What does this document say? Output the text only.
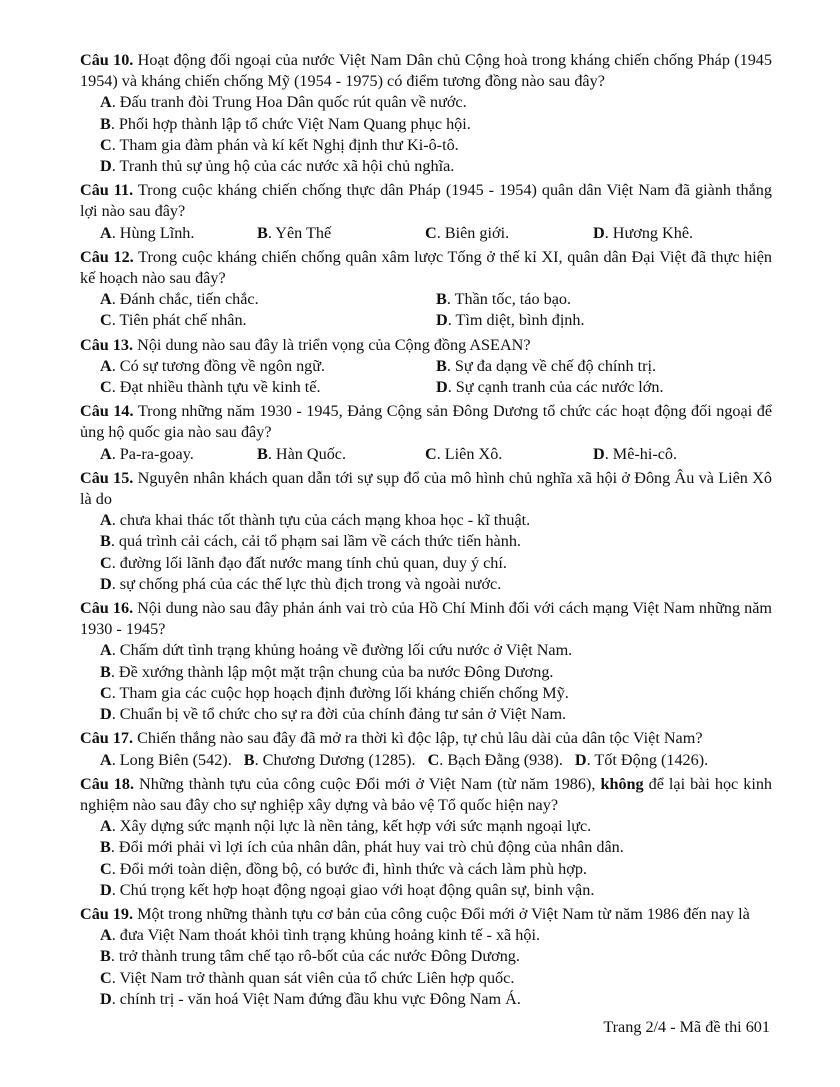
Câu 10. Hoạt động đối ngoại của nước Việt Nam Dân chủ Cộng hoà trong kháng chiến chống Pháp (1945 1954) và kháng chiến chống Mỹ (1954 - 1975) có điểm tương đồng nào sau đây?
A. Đấu tranh đòi Trung Hoa Dân quốc rút quân về nước.
B. Phối hợp thành lập tổ chức Việt Nam Quang phục hội.
C. Tham gia đàm phán và kí kết Nghị định thư Ki-ô-tô.
D. Tranh thủ sự ủng hộ của các nước xã hội chủ nghĩa.
Câu 11. Trong cuộc kháng chiến chống thực dân Pháp (1945 - 1954) quân dân Việt Nam đã giành thắng lợi nào sau đây?
A. Hùng Lĩnh.	B. Yên Thế	C. Biên giới.	D. Hương Khê.
Câu 12. Trong cuộc kháng chiến chống quân xâm lược Tống ở thế kỉ XI, quân dân Đại Việt đã thực hiện kế hoạch nào sau đây?
A. Đánh chắc, tiến chắc.	B. Thần tốc, táo bạo.
C. Tiên phát chế nhân.	D. Tìm diệt, bình định.
Câu 13. Nội dung nào sau đây là triển vọng của Cộng đồng ASEAN?
A. Có sự tương đồng về ngôn ngữ.	B. Sự đa dạng về chế độ chính trị.
C. Đạt nhiều thành tựu về kinh tế.	D. Sự cạnh tranh của các nước lớn.
Câu 14. Trong những năm 1930 - 1945, Đảng Cộng sản Đông Dương tổ chức các hoạt động đối ngoại để ủng hộ quốc gia nào sau đây?
A. Pa-ra-goay.	B. Hàn Quốc.	C. Liên Xô.	D. Mê-hi-cô.
Câu 15. Nguyên nhân khách quan dẫn tới sự sụp đổ của mô hình chủ nghĩa xã hội ở Đông Âu và Liên Xô là do
A. chưa khai thác tốt thành tựu của cách mạng khoa học - kĩ thuật.
B. quá trình cải cách, cải tổ phạm sai lầm về cách thức tiến hành.
C. đường lối lãnh đạo đất nước mang tính chủ quan, duy ý chí.
D. sự chống phá của các thế lực thù địch trong và ngoài nước.
Câu 16. Nội dung nào sau đây phản ánh vai trò của Hồ Chí Minh đối với cách mạng Việt Nam những năm 1930 - 1945?
A. Chấm dứt tình trạng khủng hoảng về đường lối cứu nước ở Việt Nam.
B. Đề xướng thành lập một mặt trận chung của ba nước Đông Dương.
C. Tham gia các cuộc họp hoạch định đường lối kháng chiến chống Mỹ.
D. Chuẩn bị về tổ chức cho sự ra đời của chính đảng tư sản ở Việt Nam.
Câu 17. Chiến thắng nào sau đây đã mở ra thời kì độc lập, tự chủ lâu dài của dân tộc Việt Nam?
A. Long Biên (542). B. Chương Dương (1285). C. Bạch Đằng (938). D. Tốt Động (1426).
Câu 18. Những thành tựu của công cuộc Đổi mới ở Việt Nam (từ năm 1986), không để lại bài học kinh nghiệm nào sau đây cho sự nghiệp xây dựng và bảo vệ Tổ quốc hiện nay?
A. Xây dựng sức mạnh nội lực là nền tảng, kết hợp với sức mạnh ngoại lực.
B. Đổi mới phải vì lợi ích của nhân dân, phát huy vai trò chủ động của nhân dân.
C. Đổi mới toàn diện, đồng bộ, có bước đi, hình thức và cách làm phù hợp.
D. Chú trọng kết hợp hoạt động ngoại giao với hoạt động quân sự, binh vận.
Câu 19. Một trong những thành tựu cơ bản của công cuộc Đổi mới ở Việt Nam từ năm 1986 đến nay là
A. đưa Việt Nam thoát khỏi tình trạng khủng hoảng kinh tế - xã hội.
B. trở thành trung tâm chế tạo rô-bốt của các nước Đông Dương.
C. Việt Nam trở thành quan sát viên của tổ chức Liên hợp quốc.
D. chính trị - văn hoá Việt Nam đứng đầu khu vực Đông Nam Á.
Trang 2/4 - Mã đề thi 601
